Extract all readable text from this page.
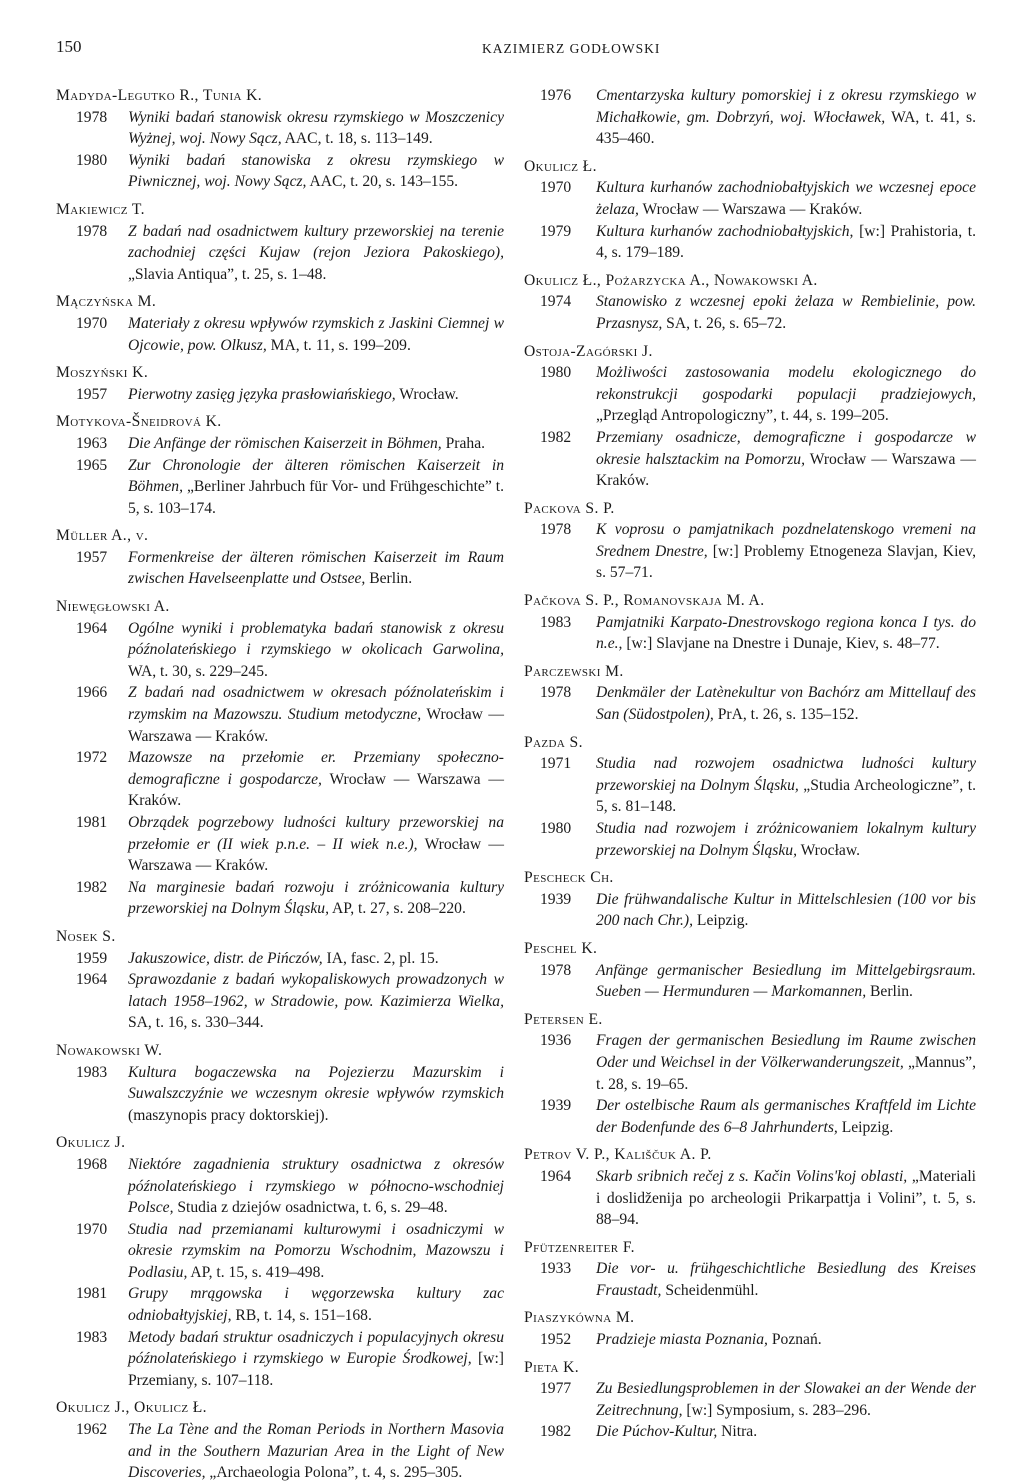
150	KAZIMIERZ GODŁOWSKI
Madyda-Legutko R., Tunia K.
1978 Wyniki badań stanowisk okresu rzymskiego w Moszczenicy Wyżnej, woj. Nowy Sącz, AAC, t. 18, s. 113–149.
1980 Wyniki badań stanowiska z okresu rzymskiego w Piwnicznej, woj. Nowy Sącz, AAC, t. 20, s. 143–155.
Makiewicz T.
1978 Z badań nad osadnictwem kultury przeworskiej na terenie zachodniej części Kujaw (rejon Jeziora Pakoskiego), „Slavia Antiqua”, t. 25, s. 1–48.
Mączyńska M.
1970 Materiały z okresu wpływów rzymskich z Jaskini Ciemnej w Ojcowie, pow. Olkusz, MA, t. 11, s. 199–209.
Moszyński K.
1957 Pierwotny zasięg języka prasłowiańskiego, Wrocław.
Motykova-Šneidrová K.
1963 Die Anfänge der römischen Kaiserzeit in Böhmen, Praha.
1965 Zur Chronologie der älteren römischen Kaiserzeit in Böhmen, „Berliner Jahrbuch für Vor- und Frühgeschichte” t. 5, s. 103–174.
Müller A., v.
1957 Formenkreise der älteren römischen Kaiserzeit im Raum zwischen Havelseenplatte und Ostsee, Berlin.
Niewęgłowski A.
1964 Ogólne wyniki i problematyka badań stanowisk z okresu późnolateńskiego i rzymskiego w okolicach Garwolina, WA, t. 30, s. 229–245.
1966 Z badań nad osadnictwem w okresach późnolateńskim i rzymskim na Mazowszu. Studium metodyczne, Wrocław — Warszawa — Kraków.
1972 Mazowsze na przełomie er. Przemiany społeczno-demograficzne i gospodarcze, Wrocław — Warszawa — Kraków.
1981 Obrządek pogrzebowy ludności kultury przeworskiej na przełomie er (II wiek p.n.e. – II wiek n.e.), Wrocław — Warszawa — Kraków.
1982 Na marginesie badań rozwoju i zróżnicowania kultury przeworskiej na Dolnym Śląsku, AP, t. 27, s. 208–220.
Nosek S.
1959 Jakuszowice, distr. de Pińczów, IA, fasc. 2, pl. 15.
1964 Sprawozdanie z badań wykopaliskowych prowadzonych w latach 1958–1962, w Stradowie, pow. Kazimierza Wielka, SA, t. 16, s. 330–344.
Nowakowski W.
1983 Kultura bogaczewska na Pojezierzu Mazurskim i Suwalszczyźnie we wczesnym okresie wpływów rzymskich (maszynopis pracy doktorskiej).
Okulicz J.
1968 Niektóre zagadnienia struktury osadnictwa z okresów późnolateńskiego i rzymskiego w północno-wschodniej Polsce, Studia z dziejów osadnictwa, t. 6, s. 29–48.
1970 Studia nad przemianami kulturowymi i osadniczymi w okresie rzymskim na Pomorzu Wschodnim, Mazowszu i Podlasiu, AP, t. 15, s. 419–498.
1981 Grupy mrągowska i węgorzewska kultury zac odniobałtyjskiej, RB, t. 14, s. 151–168.
1983 Metody badań struktur osadniczych i populacyjnych okresu późnolateńskiego i rzymskiego w Europie Środkowej, [w:] Przemiany, s. 107–118.
Okulicz J., Okulicz Ł.
1962 The La Tène and the Roman Periods in Northern Masovia and in the Southern Mazurian Area in the Light of New Discoveries, „Archaeologia Polona”, t. 4, s. 295–305.
1976 Cmentarzyska kultury pomorskiej i z okresu rzymskiego w Michałkowie, gm. Dobrzyń, woj. Włocławek, WA, t. 41, s. 435–460.
Okulicz Ł.
1970 Kultura kurhanów zachodniobałtyjskich we wczesnej epoce żelaza, Wrocław — Warszawa — Kraków.
1979 Kultura kurhanów zachodniobałtyjskich, [w:] Prahistoria, t. 4, s. 179–189.
Okulicz Ł., Pożarzycka A., Nowakowski A.
1974 Stanowisko z wczesnej epoki żelaza w Rembielinie, pow. Przasnysz, SA, t. 26, s. 65–72.
Ostoja-Zagórski J.
1980 Możliwości zastosowania modelu ekologicznego do rekonstrukcji gospodarki populacji pradziejowych, „Przegląd Antropologiczny”, t. 44, s. 199–205.
1982 Przemiany osadnicze, demograficzne i gospodarcze w okresie halsztackim na Pomorzu, Wrocław — Warszawa — Kraków.
Packova S. P.
1978 K voprosu o pamjatnikach pozdnelatenskogo vremeni na Srednem Dnestre, [w:] Problemy Etnogeneza Slavjan, Kiev, s. 57–71.
Pačkova S. P., Romanovskaja M. A.
1983 Pamjatniki Karpato-Dnestrovskogo regiona konca I tys. do n.e., [w:] Slavjane na Dnestre i Dunaje, Kiev, s. 48–77.
Parczewski M.
1978 Denkmäler der Latènekultur von Bachórz am Mittellauf des San (Südostpolen), PrA, t. 26, s. 135–152.
Pazda S.
1971 Studia nad rozwojem osadnictwa ludności kultury przeworskiej na Dolnym Śląsku, „Studia Archeologiczne”, t. 5, s. 81–148.
1980 Studia nad rozwojem i zróżnicowaniem lokalnym kultury przeworskiej na Dolnym Śląsku, Wrocław.
Pescheck Ch.
1939 Die frühwandalische Kultur in Mittelschlesien (100 vor bis 200 nach Chr.), Leipzig.
Peschel K.
1978 Anfänge germanischer Besiedlung im Mittelgebirgsraum. Sueben — Hermunduren — Markomannen, Berlin.
Petersen E.
1936 Fragen der germanischen Besiedlung im Raume zwischen Oder und Weichsel in der Völkerwanderungszeit, „Mannus”, t. 28, s. 19–65.
1939 Der ostelbische Raum als germanisches Kraftfeld im Lichte der Bodenfunde des 6–8 Jahrhunderts, Leipzig.
Petrov V. P., Kališčuk A. P.
1964 Skarb sribnich rečej z s. Kačin Volins'koj oblasti, „Materiali i doslidženija po archeologii Prikarpattja i Volini”, t. 5, s. 88–94.
Pfützenreiter F.
1933 Die vor- u. frühgeschichtliche Besiedlung des Kreises Fraustadt, Scheidenmühl.
Piaszykówna M.
1952 Pradzieje miasta Poznania, Poznań.
Pieta K.
1977 Zu Besiedlungsproblemen in der Slowakei an der Wende der Zeitrechnung, [w:] Symposium, s. 283–296.
1982 Die Púchov-Kultur, Nitra.
